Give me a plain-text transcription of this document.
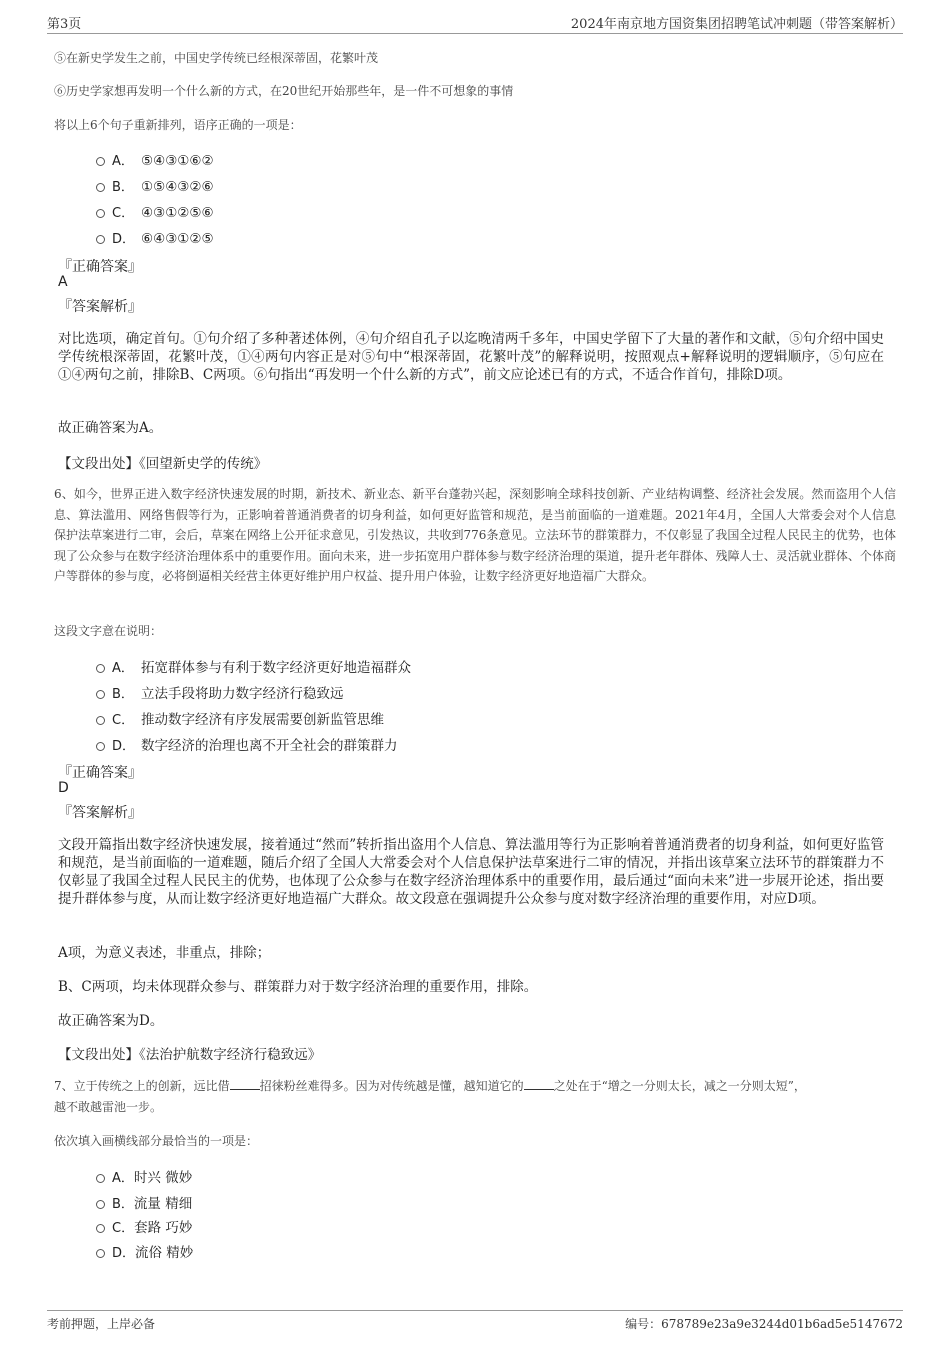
第3页	2024年南京地方国资集团招聘笔试冲刺题（带答案解析）
⑤在新史学发生之前，中国史学传统已经根深蒂固，花繁叶茂
⑥历史学家想再发明一个什么新的方式，在20世纪开始那些年，是一件不可想象的事情
将以上6个句子重新排列，语序正确的一项是：
A． ⑤④③①⑥②
B． ①⑤④③②⑥
C． ④③①②⑤⑥
D． ⑥④③①②⑤
『正确答案』
A
『答案解析』
对比选项，确定首句。①句介绍了多种著述体例，④句介绍自孔子以迄晚清两千多年，中国史学留下了大量的著作和文献，⑤句介绍中国史学传统根深蒂固，花繁叶茂，①④两句内容正是对⑤句中“根深蒂固，花繁叶茂”的解释说明，按照观点+解释说明的逻辑顺序，⑤句应在①④两句之前，排除B、C两项。⑥句指出“再发明一个什么新的方式”，前文应论述已有的方式，不适合作首句，排除D项。
故正确答案为A。
【文段出处】《回望新史学的传统》
6、如今，世界正进入数字经济快速发展的时期，新技术、新业态、新平台蓬勃兴起，深刻影响全球科技创新、产业结构调整、经济社会发展。然而盗用个人信息、算法滥用、网络售假等行为，正影响着普通消费者的切身利益，如何更好监管和规范，是当前面临的一道难题。2021年4月，全国人大常委会对个人信息保护法草案进行二审，会后，草案在网络上公开征求意见，引发热议，共收到776条意见。立法环节的群策群力，不仅彰显了我国全过程人民民主的优势，也体现了公众参与在数字经济治理体系中的重要作用。面向未来，进一步拓宽用户群体参与数字经济治理的渠道，提升老年群体、残障人士、灵活就业群体、个体商户等群体的参与度，必将倒逼相关经营主体更好维护用户权益、提升用户体验，让数字经济更好地造福广大群众。
这段文字意在说明：
A． 拓宽群体参与有利于数字经济更好地造福群众
B． 立法手段将助力数字经济行稳致远
C． 推动数字经济有序发展需要创新监管思维
D． 数字经济的治理也离不开全社会的群策群力
『正确答案』
D
『答案解析』
文段开篇指出数字经济快速发展，接着通过“然而”转折指出盗用个人信息、算法滥用等行为正影响着普通消费者的切身利益，如何更好监管和规范，是当前面临的一道难题，随后介绍了全国人大常委会对个人信息保护法草案进行二审的情况，并指出该草案立法环节的群策群力不仅彰显了我国全过程人民民主的优势，也体现了公众参与在数字经济治理体系中的重要作用，最后通过“面向未来”进一步展开论述，指出要提升群体参与度，从而让数字经济更好地造福广大群众。故文段意在强调提升公众参与度对数字经济治理的重要作用，对应D项。
A项，为意义表述，非重点，排除；
B、C两项，均未体现群众参与、群策群力对于数字经济治理的重要作用，排除。
故正确答案为D。
【文段出处】《法治护航数字经济行稳致远》
7、立于传统之上的创新，远比借	招徕粉丝难得多。因为对传统越是懂，越知道它的	之处在于“增之一分则太长，减之一分则太短”，
越不敢越雷池一步。
依次填入画横线部分最恰当的一项是：
A．时兴 微妙
B．流量 精细
C．套路 巧妙
D．流俗 精妙
考前押题，上岸必备	编号：678789e23a9e3244d01b6ad5e5147672
